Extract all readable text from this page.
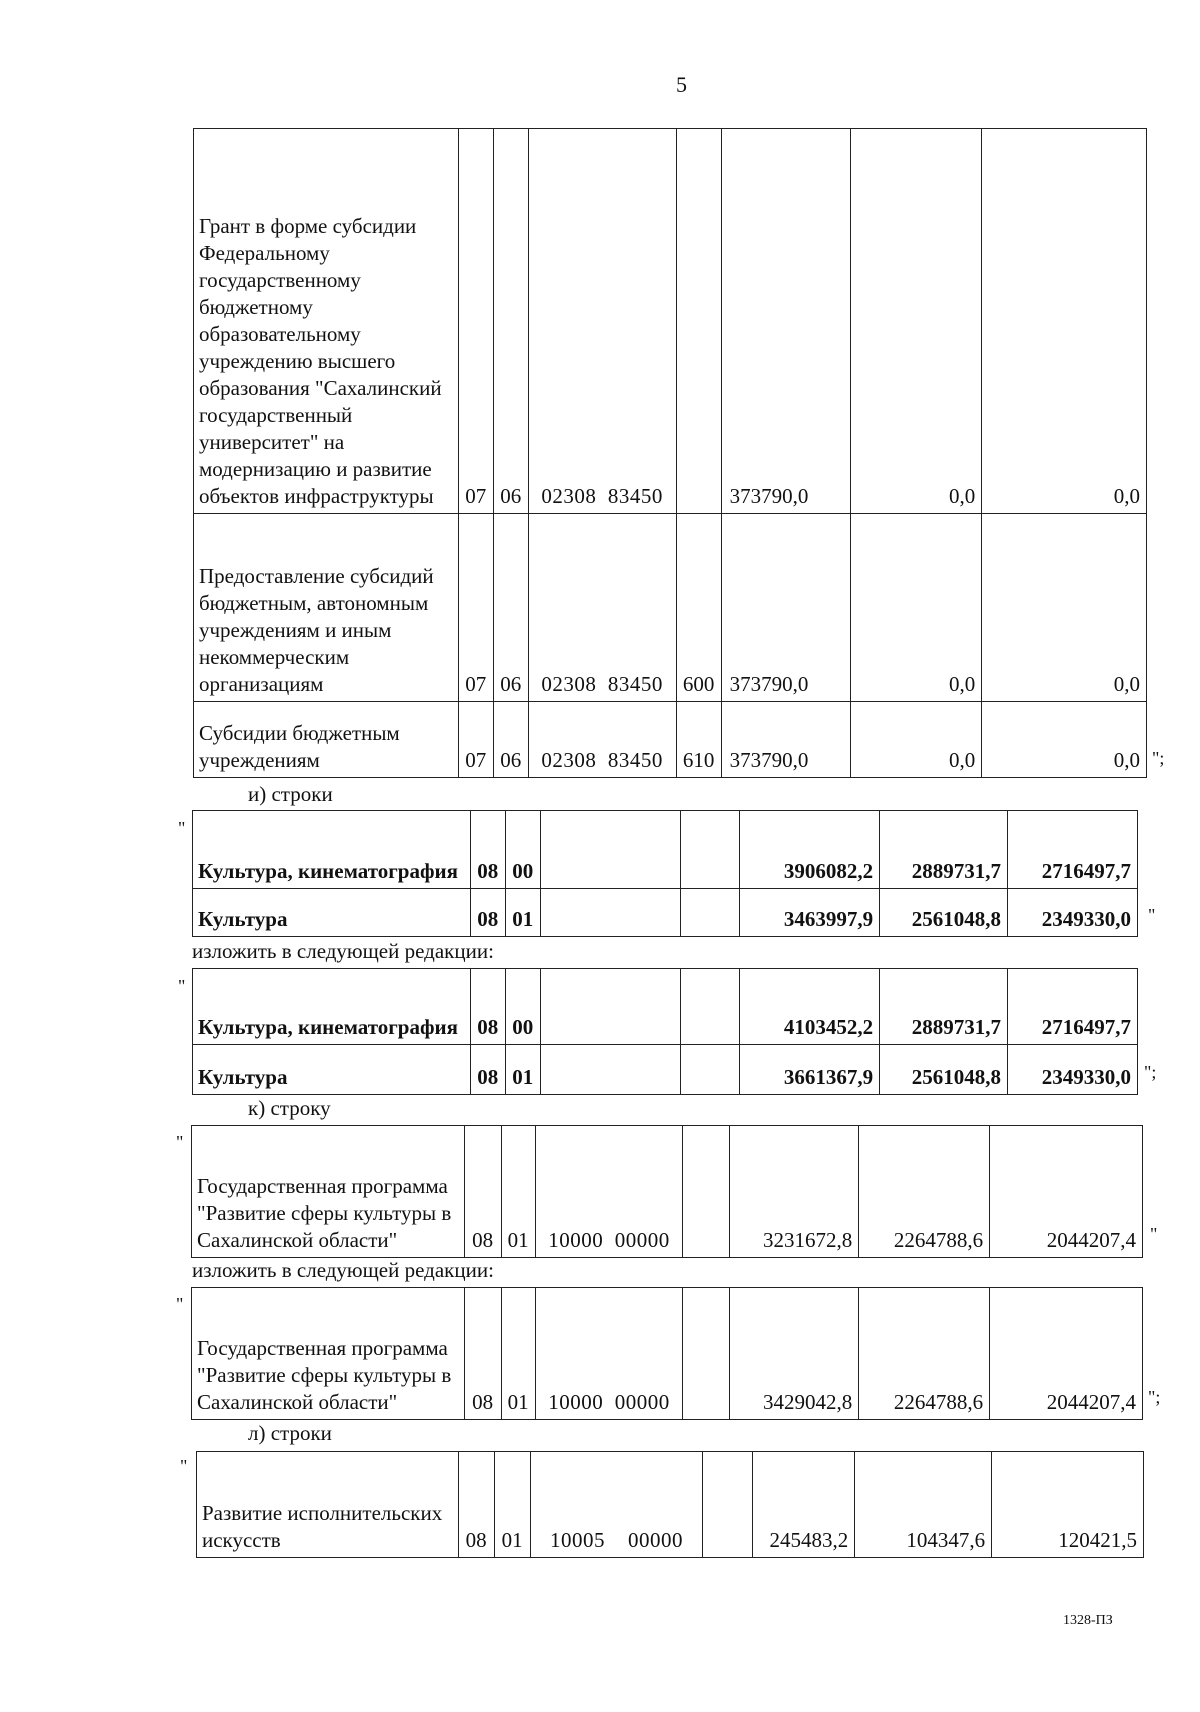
5
Грант в форме субсидии Федеральному государственному бюджетному образовательному учреждению высшего образования "Сахалинский государственный университет" на модернизацию и развитие объектов инфраструктуры	07	06	02308  83450		373790,0	0,0	0,0
Предоставление субсидий бюджетным, автономным учреждениям и иным некоммерческим организациям	07	06	02308  83450	600	373790,0	0,0	0,0
Субсидии бюджетным учреждениям	07	06	02308  83450	610	373790,0	0,0	0,0 ";
и) строки
"
Культура, кинематография	08	00			3906082,2	2889731,7	2716497,7
Культура	08	01			3463997,9	2561048,8	2349330,0 "
изложить в следующей редакции:
"
Культура, кинематография	08	00			4103452,2	2889731,7	2716497,7
Культура	08	01			3661367,9	2561048,8	2349330,0 ";
к) строку
"
Государственная программа "Развитие сферы культуры в Сахалинской области"	08	01	10000  00000		3231672,8	2264788,6	2044207,4 "
изложить в следующей редакции:
"
Государственная программа "Развитие сферы культуры в Сахалинской области"	08	01	10000  00000		3429042,8	2264788,6	2044207,4 ";
л) строки
"
Развитие исполнительских искусств	08	01	10005    00000		245483,2	104347,6	120421,5
1328-ПЗ
